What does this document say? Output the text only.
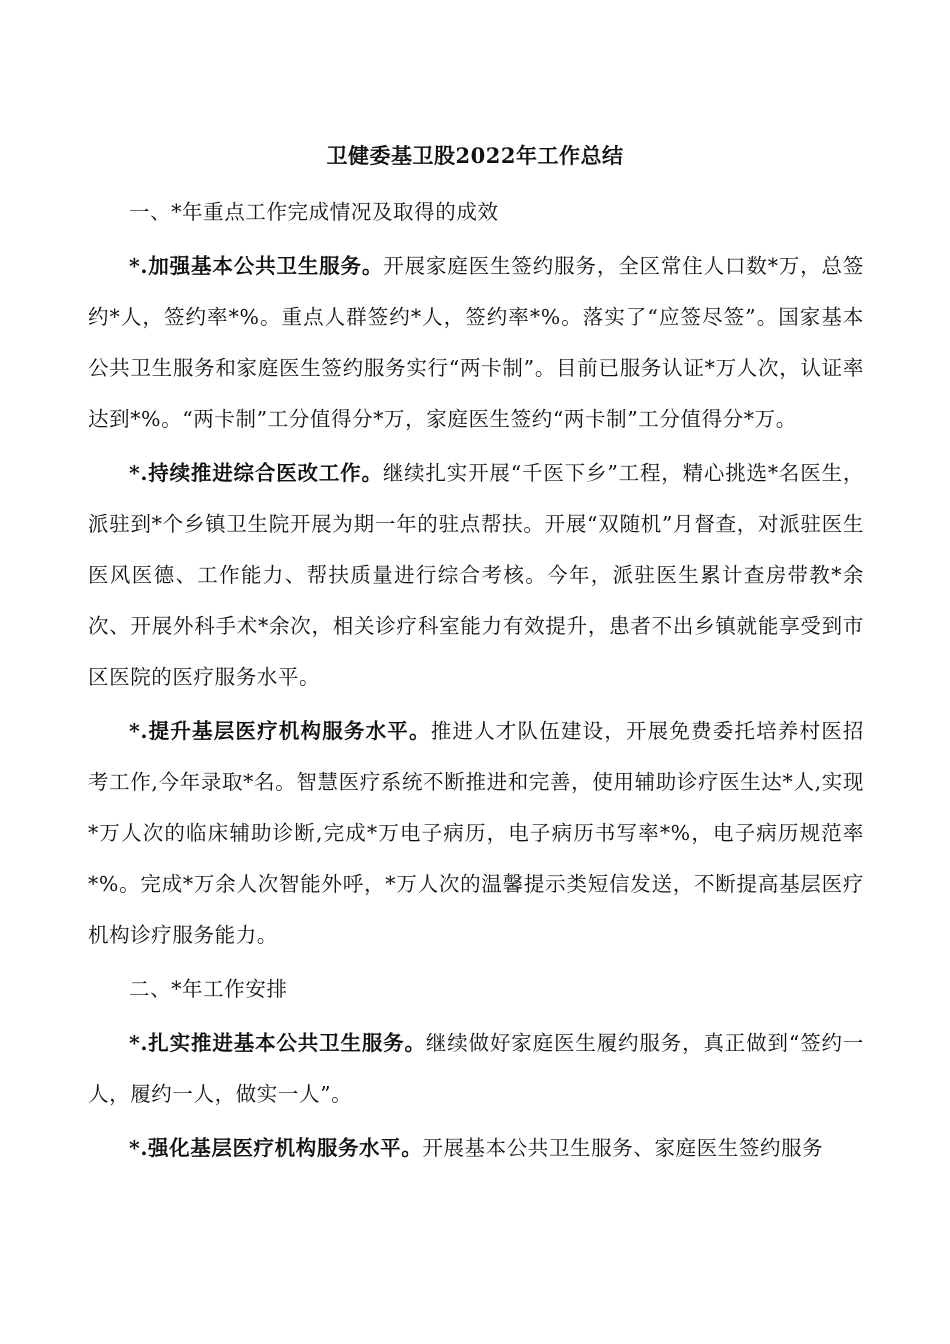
卫健委基卫股2022年工作总结

一、*年重点工作完成情况及取得的成效

*.加强基本公共卫生服务。开展家庭医生签约服务，全区常住人口数*万，总签约*人，签约率*%。重点人群签约*人，签约率*%。落实了“应签尽签”。国家基本公共卫生服务和家庭医生签约服务实行“两卡制”。目前已服务认证*万人次，认证率达到*%。“两卡制”工分值得分*万，家庭医生签约“两卡制”工分值得分*万。

*.持续推进综合医改工作。继续扎实开展“千医下乡”工程，精心挑选*名医生，派驻到*个乡镇卫生院开展为期一年的驻点帮扶。开展“双随机”月督查，对派驻医生医风医德、工作能力、帮扶质量进行综合考核。今年，派驻医生累计查房带教*余次、开展外科手术*余次，相关诊疗科室能力有效提升，患者不出乡镇就能享受到市区医院的医疗服务水平。

*.提升基层医疗机构服务水平。推进人才队伍建设，开展免费委托培养村医招考工作,今年录取*名。智慧医疗系统不断推进和完善，使用辅助诊疗医生达*人,实现*万人次的临床辅助诊断,完成*万电子病历，电子病历书写率*%，电子病历规范率*%。完成*万余人次智能外呼，*万人次的温馨提示类短信发送，不断提高基层医疗机构诊疗服务能力。

二、*年工作安排

*.扎实推进基本公共卫生服务。继续做好家庭医生履约服务，真正做到“签约一人，履约一人，做实一人”。

*.强化基层医疗机构服务水平。开展基本公共卫生服务、家庭医生签约服务
